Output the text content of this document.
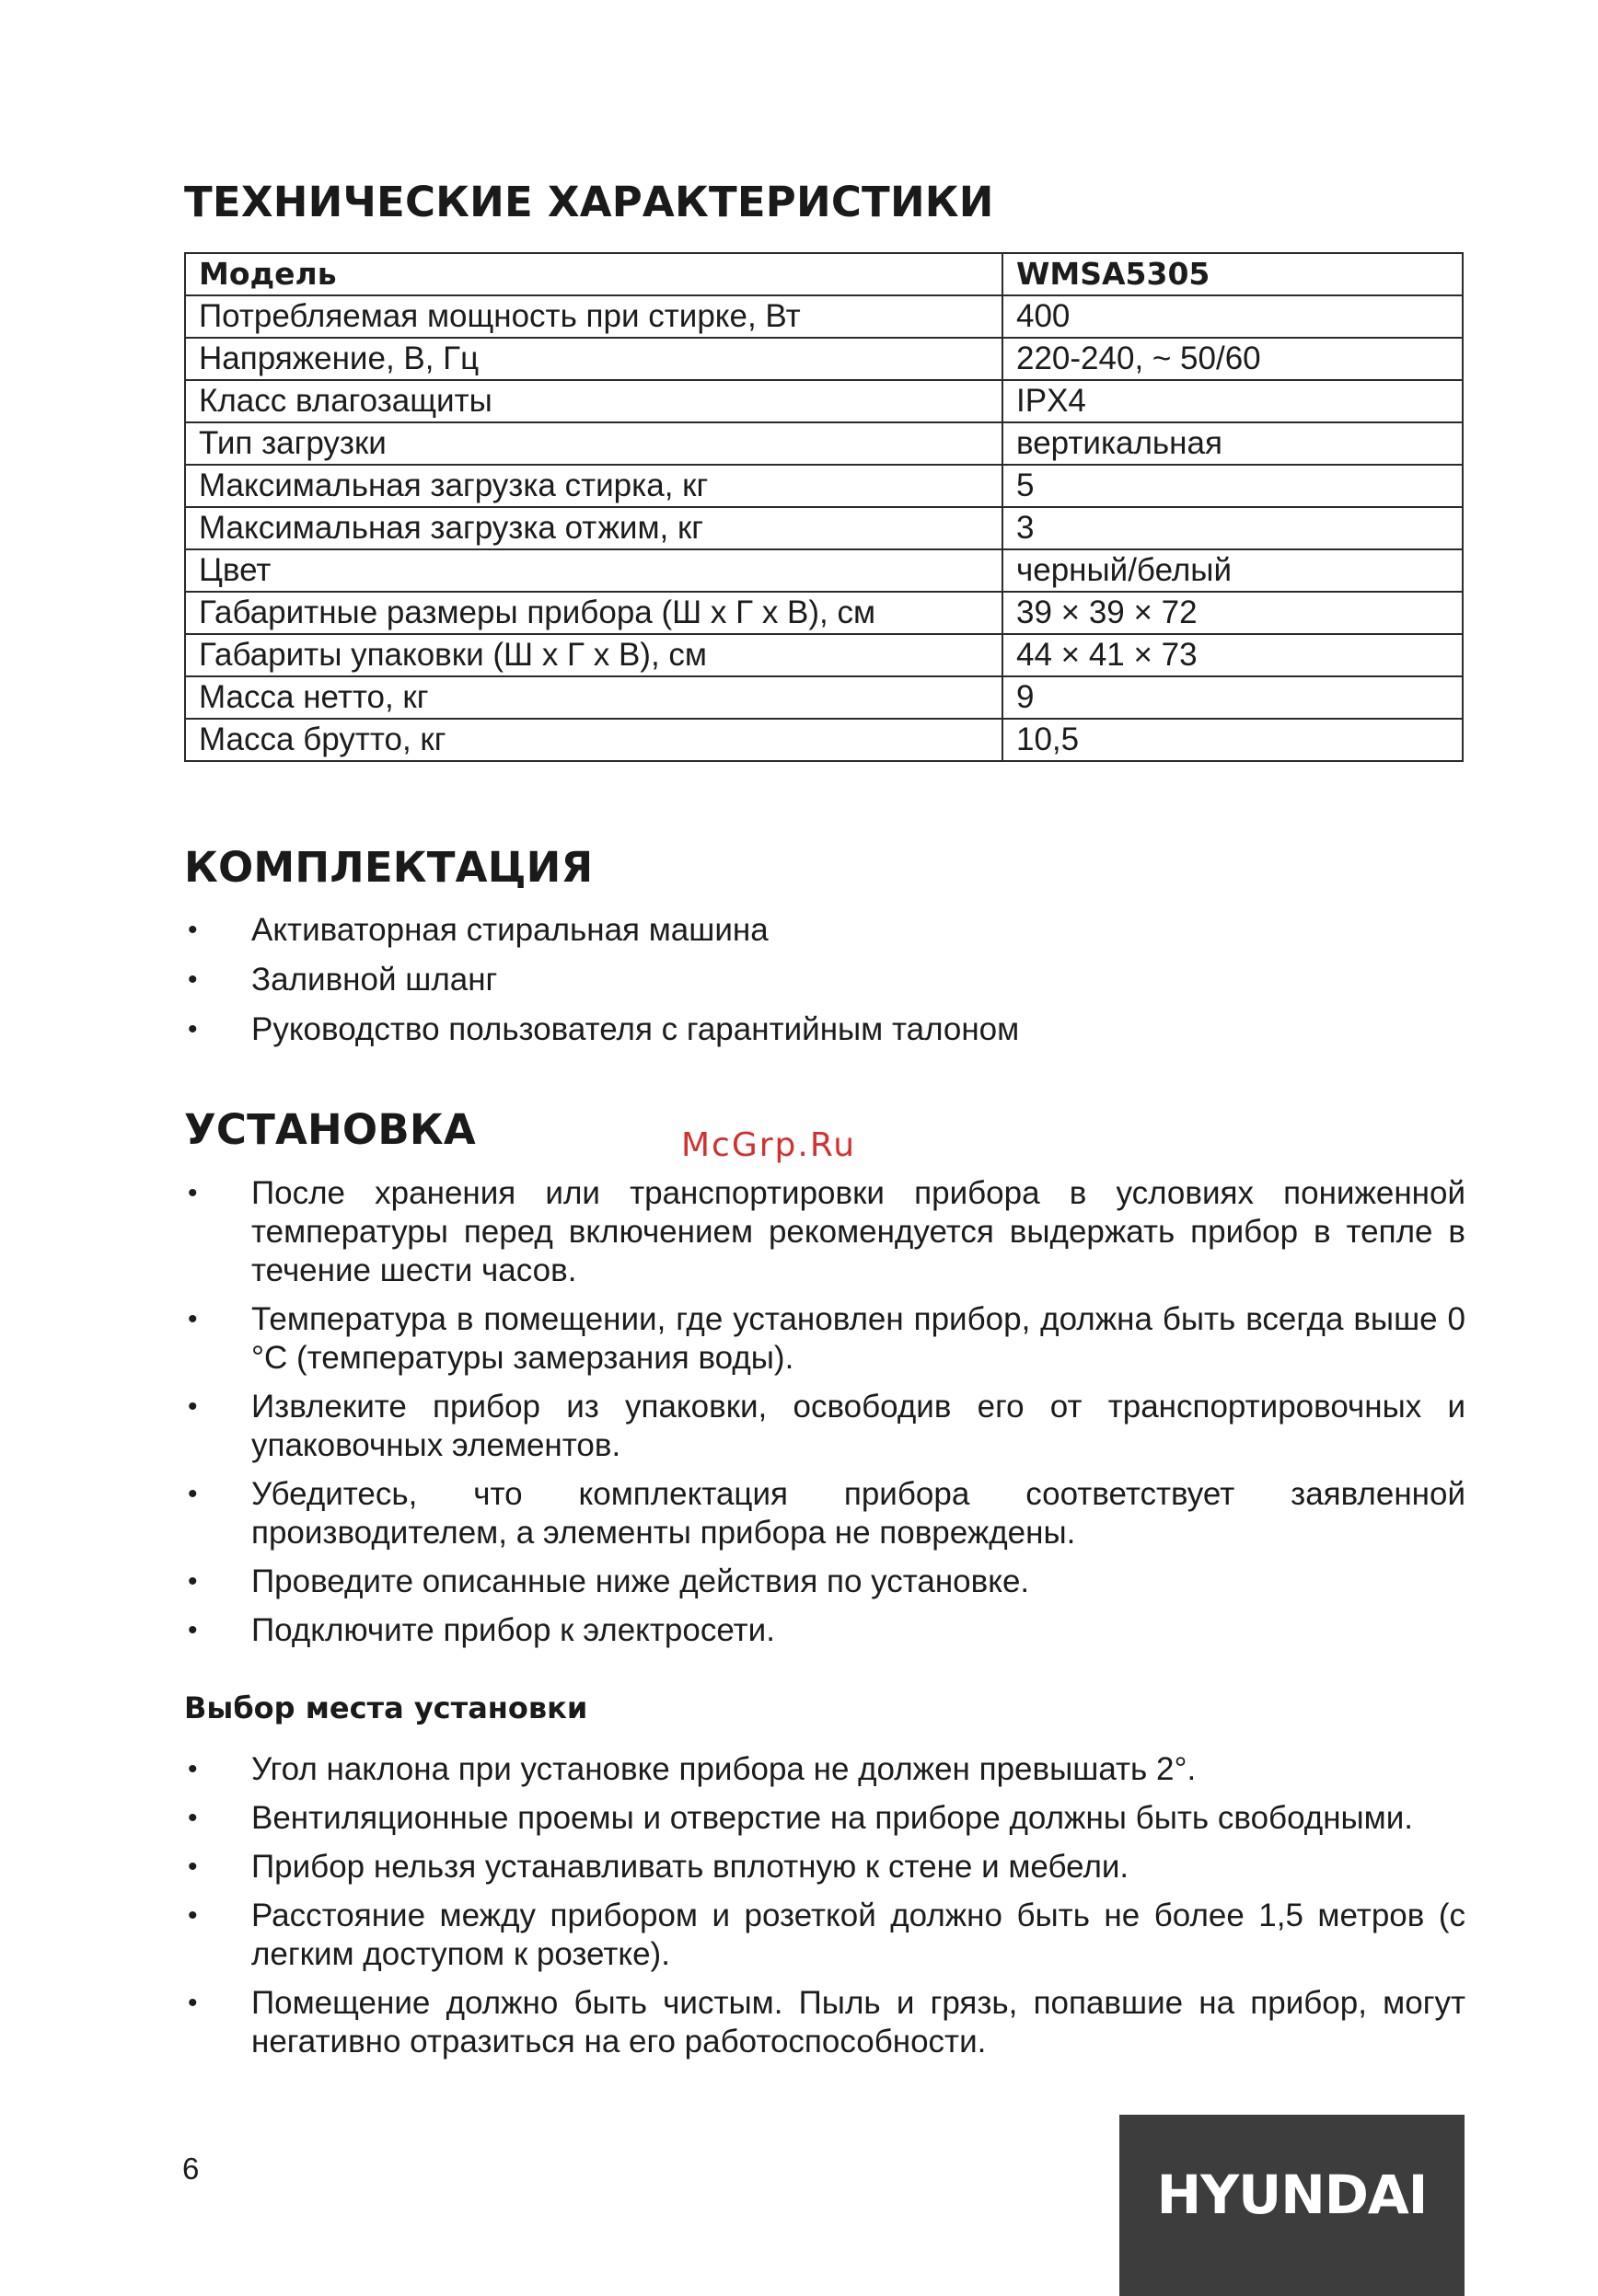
ТЕХНИЧЕСКИЕ ХАРАКТЕРИСТИКИ
Модель	WMSA5305
Потребляемая мощность при стирке, Вт	400
Напряжение, В, Гц	220-240, ~ 50/60
Класс влагозащиты	IPX4
Тип загрузки	вертикальная
Максимальная загрузка стирка, кг	5
Максимальная загрузка отжим, кг	3
Цвет	черный/белый
Габаритные размеры прибора (Ш х Г х В), см	39 × 39 × 72
Габариты упаковки (Ш х Г х В), см	44 × 41 × 73
Масса нетто, кг	9
Масса брутто, кг	10,5
КОМПЛЕКТАЦИЯ
• Активаторная стиральная машина
• Заливной шланг
• Руководство пользователя с гарантийным талоном
УСТАНОВКА
• После хранения или транспортировки прибора в условиях пониженной температуры перед включением рекомендуется выдержать прибор в тепле в течение шести часов.
• Температура в помещении, где установлен прибор, должна быть всегда выше 0 °С (температуры замерзания воды).
• Извлеките прибор из упаковки, освободив его от транспортировочных и упаковочных элементов.
• Убедитесь, что комплектация прибора соответствует заявленной производителем, а элементы прибора не повреждены.
• Проведите описанные ниже действия по установке.
• Подключите прибор к электросети.
Выбор места установки
• Угол наклона при установке прибора не должен превышать 2°.
• Вентиляционные проемы и отверстие на приборе должны быть свободными.
• Прибор нельзя устанавливать вплотную к стене и мебели.
• Расстояние между прибором и розеткой должно быть не более 1,5 метров (с легким доступом к розетке).
• Помещение должно быть чистым. Пыль и грязь, попавшие на прибор, могут негативно отразиться на его работоспособности.
McGrp.Ru
6	HYUNDAI
